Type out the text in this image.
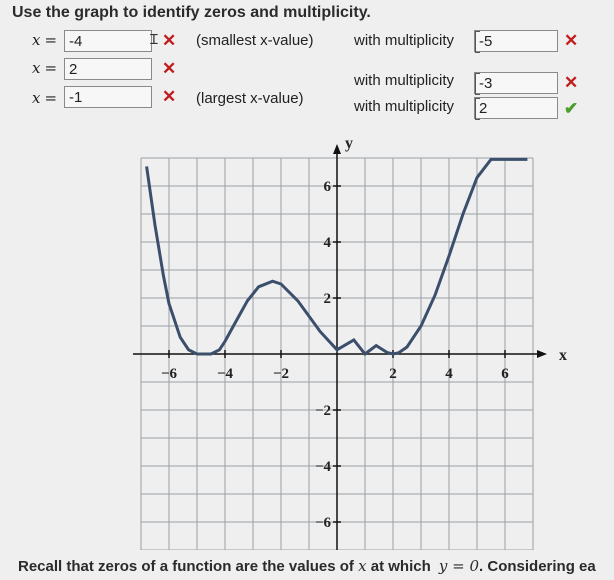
Use the graph to identify zeros and multiplicity.
x = -4	Ɪ ✕ (smallest x-value)	with multiplicity	-5	✕
x = 2	✕
with multiplicity	-3	✕
x = -1	✕ (largest x-value)	with multiplicity	2	✔
−6	−4	−2	2	4	6
−6
−4
−2
2
4
6
x
y
Recall that zeros of a function are the values of x at which y = 0. Considering ea
